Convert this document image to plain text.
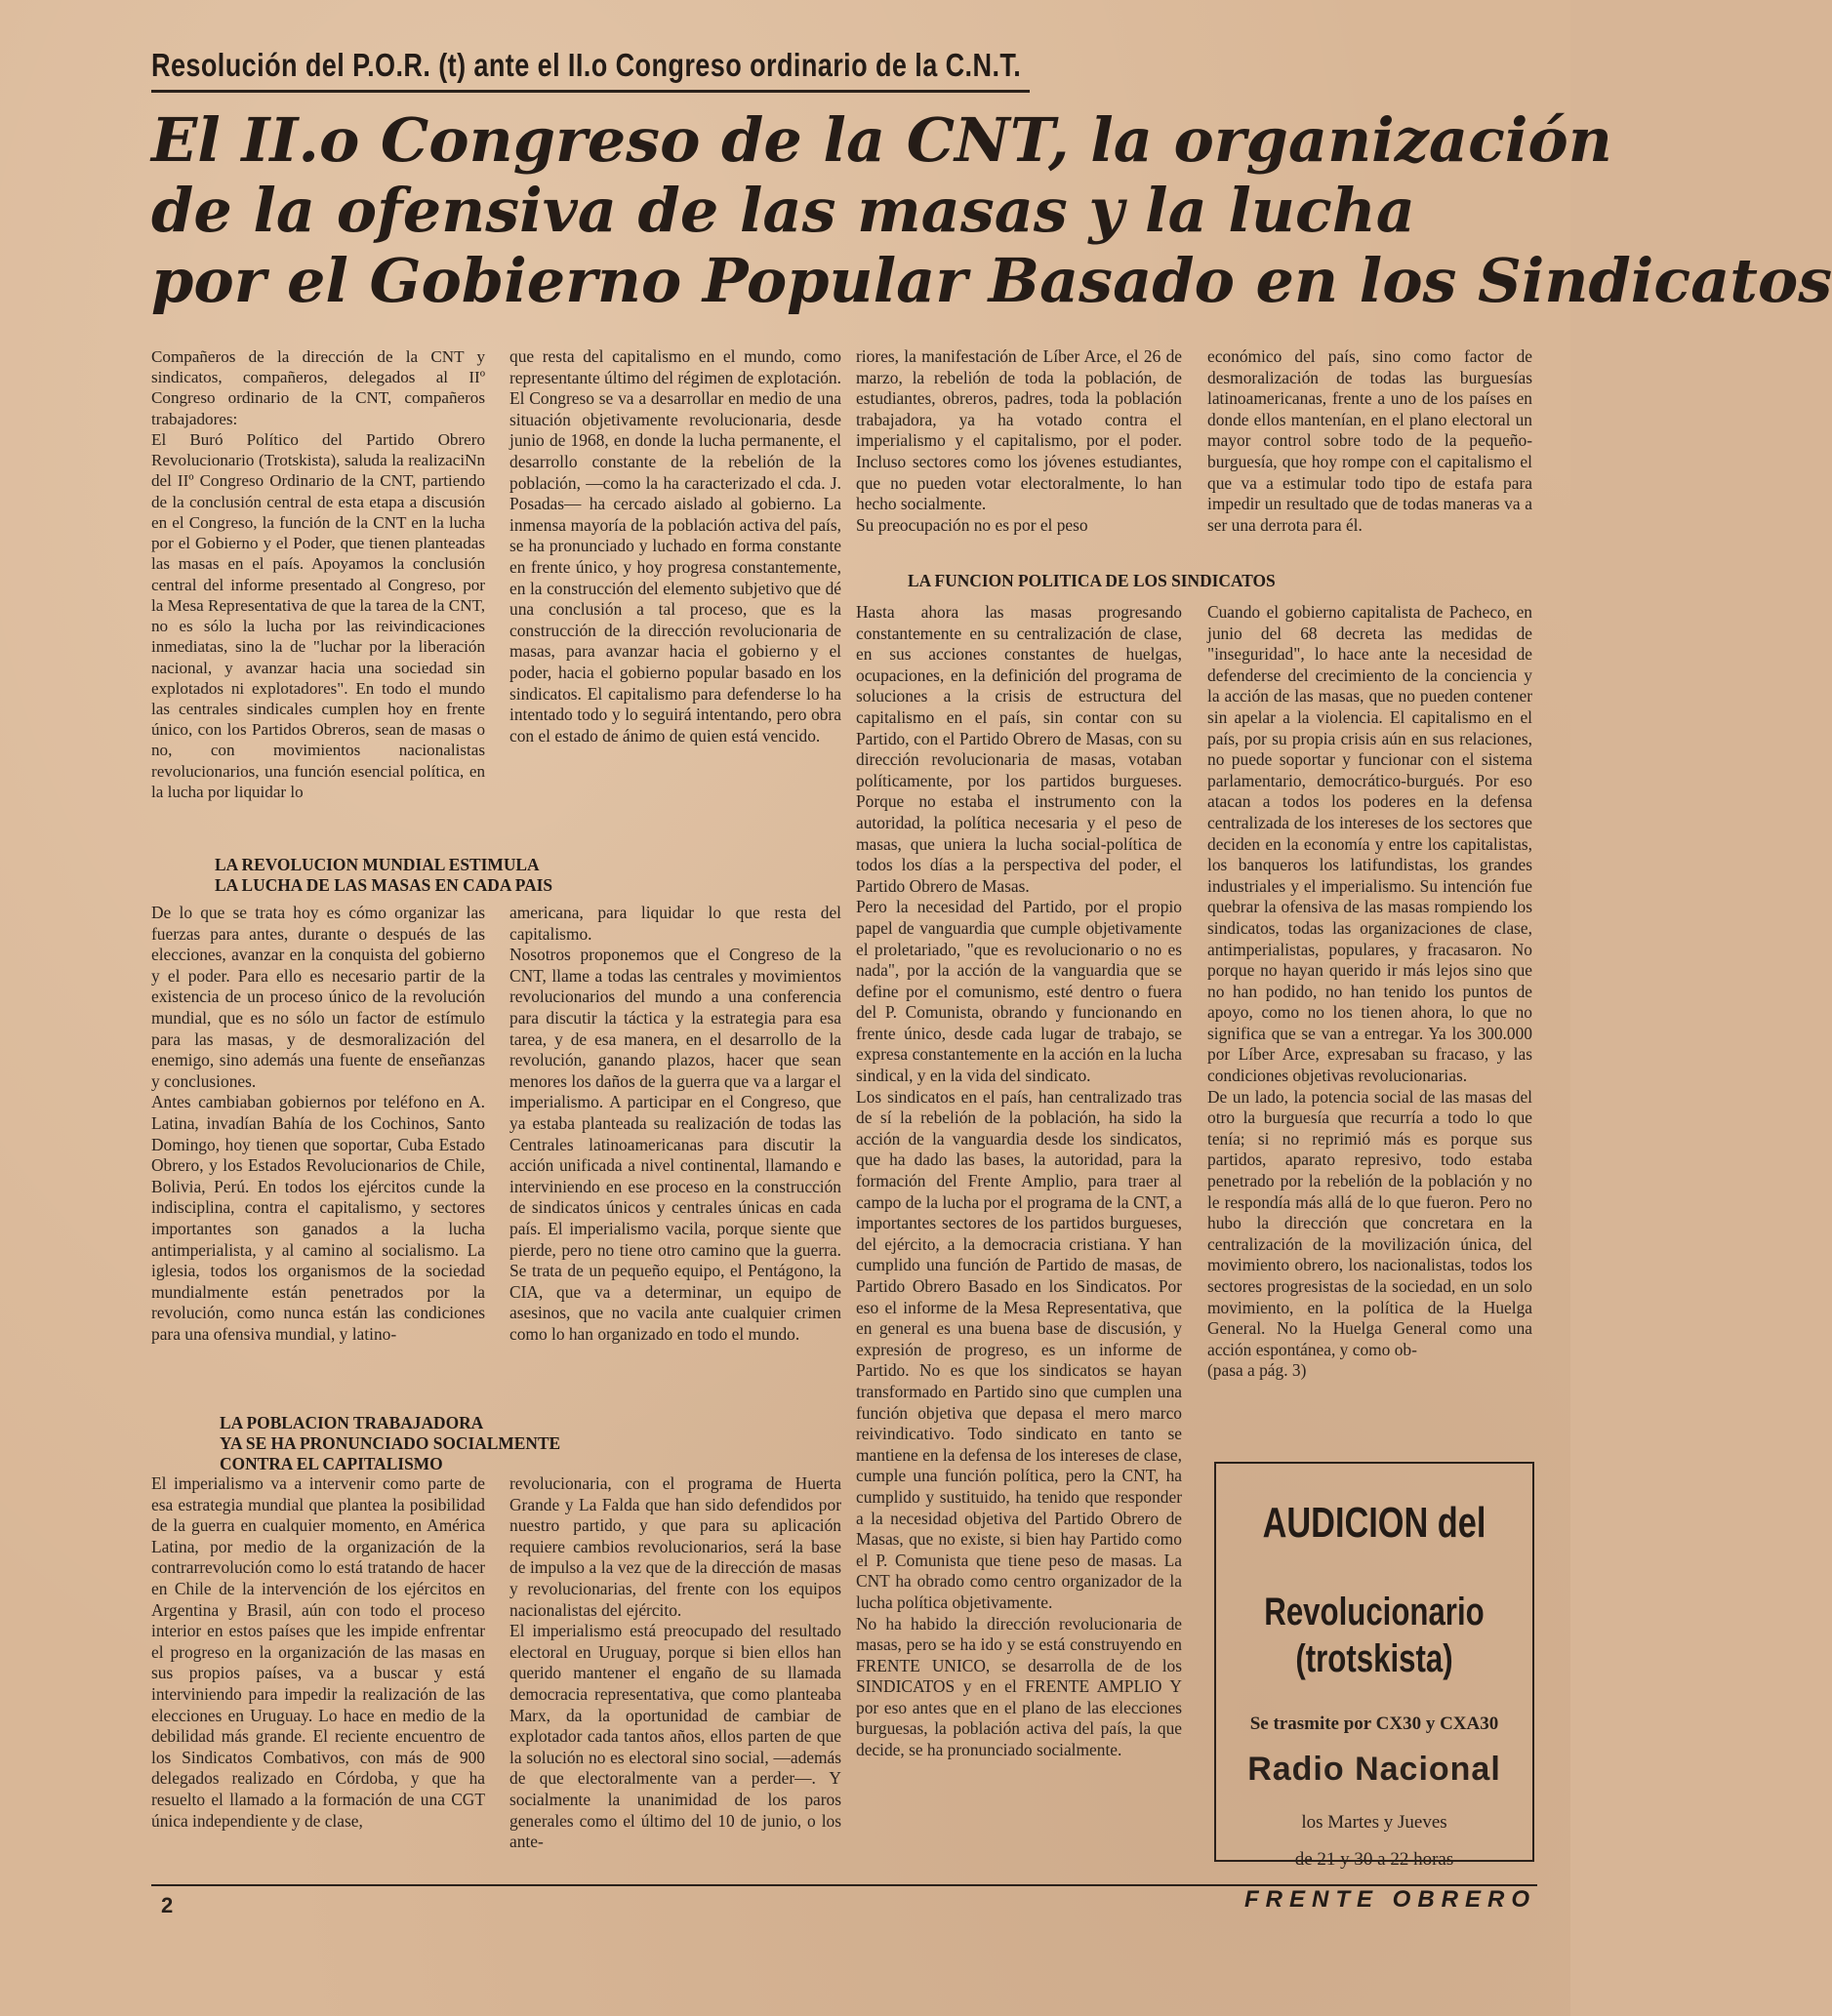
Resolución del P.O.R. (t) ante el II.o Congreso ordinario de la C.N.T.
El II.o Congreso de la CNT, la organización
de la ofensiva de las masas y la lucha
por el Gobierno Popular Basado en los Sindicatos

Compañeros de la dirección de la CNT y sindicatos, compañeros, delegados al IIº Congreso ordinario de la CNT, compañeros trabajadores:
El Buró Político del Partido Obrero Revolucionario (Trotskista), saluda la realizaciNn del IIº Congreso Ordinario de la CNT, partiendo de la conclusión central de esta etapa a discusión en el Congreso, la función de la CNT en la lucha por el Gobierno y el Poder, que tienen planteadas las masas en el país. Apoyamos la conclusión central del informe presentado al Congreso, por la Mesa Representativa de que la tarea de la CNT, no es sólo la lucha por las reivindicaciones inmediatas, sino la de "luchar por la liberación nacional, y avanzar hacia una sociedad sin explotados ni explotadores". En todo el mundo las centrales sindicales cumplen hoy en frente único, con los Partidos Obreros, sean de masas o no, con movimientos nacionalistas revolucionarios, una función esencial política, en la lucha por liquidar lo

que resta del capitalismo en el mundo, como representante último del régimen de explotación.
El Congreso se va a desarrollar en medio de una situación objetivamente revolucionaria, desde junio de 1968, en donde la lucha permanente, el desarrollo constante de la rebelión de la población, —como la ha caracterizado el cda. J. Posadas— ha cercado aislado al gobierno. La inmensa mayoría de la población activa del país, se ha pronunciado y luchado en forma constante en frente único, y hoy progresa constantemente, en la construcción del elemento subjetivo que dé una conclusión a tal proceso, que es la construcción de la dirección revolucionaria de masas, para avanzar hacia el gobierno y el poder, hacia el gobierno popular basado en los sindicatos. El capitalismo para defenderse lo ha intentado todo y lo seguirá intentando, pero obra con el estado de ánimo de quien está vencido.

riores, la manifestación de Líber Arce, el 26 de marzo, la rebelión de toda la población, de estudiantes, obreros, padres, toda la población trabajadora, ya ha votado contra el imperialismo y el capitalismo, por el poder. Incluso sectores como los jóvenes estudiantes, que no pueden votar electoralmente, lo han hecho socialmente.
Su preocupación no es por el peso

económico del país, sino como factor de desmoralización de todas las burguesías latinoamericanas, frente a uno de los países en donde ellos mantenían, en el plano electoral un mayor control sobre todo de la pequeño-burguesía, que hoy rompe con el capitalismo el que va a estimular todo tipo de estafa para impedir un resultado que de todas maneras va a ser una derrota para él.

LA REVOLUCION MUNDIAL ESTIMULA
LA LUCHA DE LAS MASAS EN CADA PAIS

De lo que se trata hoy es cómo organizar las fuerzas para antes, durante o después de las elecciones, avanzar en la conquista del gobierno y el poder. Para ello es necesario partir de la existencia de un proceso único de la revolución mundial, que es no sólo un factor de estímulo para las masas, y de desmoralización del enemigo, sino además una fuente de enseñanzas y conclusiones.
Antes cambiaban gobiernos por teléfono en A. Latina, invadían Bahía de los Cochinos, Santo Domingo, hoy tienen que soportar, Cuba Estado Obrero, y los Estados Revolucionarios de Chile, Bolivia, Perú. En todos los ejércitos cunde la indisciplina, contra el capitalismo, y sectores importantes son ganados a la lucha antimperialista, y al camino al socialismo. La iglesia, todos los organismos de la sociedad mundialmente están penetrados por la revolución, como nunca están las condiciones para una ofensiva mundial, y latino-

americana, para liquidar lo que resta del capitalismo.
Nosotros proponemos que el Congreso de la CNT, llame a todas las centrales y movimientos revolucionarios del mundo a una conferencia para discutir la táctica y la estrategia para esa tarea, y de esa manera, en el desarrollo de la revolución, ganando plazos, hacer que sean menores los daños de la guerra que va a largar el imperialismo. A participar en el Congreso, que ya estaba planteada su realización de todas las Centrales latinoamericanas para discutir la acción unificada a nivel continental, llamando e interviniendo en ese proceso en la construcción de sindicatos únicos y centrales únicas en cada país. El imperialismo vacila, porque siente que pierde, pero no tiene otro camino que la guerra. Se trata de un pequeño equipo, el Pentágono, la CIA, que va a determinar, un equipo de asesinos, que no vacila ante cualquier crimen como lo han organizado en todo el mundo.

LA FUNCION POLITICA DE LOS SINDICATOS

Hasta ahora las masas progresando constantemente en su centralización de clase, en sus acciones constantes de huelgas, ocupaciones, en la definición del programa de soluciones a la crisis de estructura del capitalismo en el país, sin contar con su Partido, con el Partido Obrero de Masas, con su dirección revolucionaria de masas, votaban políticamente, por los partidos burgueses. Porque no estaba el instrumento con la autoridad, la política necesaria y el peso de masas, que uniera la lucha social-política de todos los días a la perspectiva del poder, el Partido Obrero de Masas.
Pero la necesidad del Partido, por el propio papel de vanguardia que cumple objetivamente el proletariado, "que es revolucionario o no es nada", por la acción de la vanguardia que se define por el comunismo, esté dentro o fuera del P. Comunista, obrando y funcionando en frente único, desde cada lugar de trabajo, se expresa constantemente en la acción en la lucha sindical, y en la vida del sindicato.
Los sindicatos en el país, han centralizado tras de sí la rebelión de la población, ha sido la acción de la vanguardia desde los sindicatos, que ha dado las bases, la autoridad, para la formación del Frente Amplio, para traer al campo de la lucha por el programa de la CNT, a importantes sectores de los partidos burgueses, del ejército, a la democracia cristiana. Y han cumplido una función de Partido de masas, de Partido Obrero Basado en los Sindicatos. Por eso el informe de la Mesa Representativa, que en general es una buena base de discusión, y expresión de progreso, es un informe de Partido. No es que los sindicatos se hayan transformado en Partido sino que cumplen una función objetiva que depasa el mero marco reivindicativo. Todo sindicato en tanto se mantiene en la defensa de los intereses de clase, cumple una función política, pero la CNT, ha cumplido y sustituido, ha tenido que responder a la necesidad objetiva del Partido Obrero de Masas, que no existe, si bien hay Partido como el P. Comunista que tiene peso de masas. La CNT ha obrado como centro organizador de la lucha política objetivamente.
No ha habido la dirección revolucionaria de masas, pero se ha ido y se está construyendo en FRENTE UNICO, se desarrolla de de los SINDICATOS y en el FRENTE AMPLIO Y por eso antes que en el plano de las elecciones burguesas, la población activa del país, la que decide, se ha pronunciado socialmente.

Cuando el gobierno capitalista de Pacheco, en junio del 68 decreta las medidas de "inseguridad", lo hace ante la necesidad de defenderse del crecimiento de la conciencia y la acción de las masas, que no pueden contener sin apelar a la violencia. El capitalismo en el país, por su propia crisis aún en sus relaciones, no puede soportar y funcionar con el sistema parlamentario, democrático-burgués. Por eso atacan a todos los poderes en la defensa centralizada de los intereses de los sectores que deciden en la economía y entre los capitalistas, los banqueros los latifundistas, los grandes industriales y el imperialismo. Su intención fue quebrar la ofensiva de las masas rompiendo los sindicatos, todas las organizaciones de clase, antimperialistas, populares, y fracasaron. No porque no hayan querido ir más lejos sino que no han podido, no han tenido los puntos de apoyo, como no los tienen ahora, lo que no significa que se van a entregar. Ya los 300.000 por Líber Arce, expresaban su fracaso, y las condiciones objetivas revolucionarias.
De un lado, la potencia social de las masas del otro la burguesía que recurría a todo lo que tenía; si no reprimió más es porque sus partidos, aparato represivo, todo estaba penetrado por la rebelión de la población y no le respondía más allá de lo que fueron. Pero no hubo la dirección que concretara en la centralización de la movilización única, del movimiento obrero, los nacionalistas, todos los sectores progresistas de la sociedad, en un solo movimiento, en la política de la Huelga General. No la Huelga General como una acción espontánea, y como ob-
(pasa a pág. 3)

LA POBLACION TRABAJADORA
YA SE HA PRONUNCIADO SOCIALMENTE
CONTRA EL CAPITALISMO

El imperialismo va a intervenir como parte de esa estrategia mundial que plantea la posibilidad de la guerra en cualquier momento, en América Latina, por medio de la organización de la contrarrevolución como lo está tratando de hacer en Chile de la intervención de los ejércitos en Argentina y Brasil, aún con todo el proceso interior en estos países que les impide enfrentar el progreso en la organización de las masas en sus propios países, va a buscar y está interviniendo para impedir la realización de las elecciones en Uruguay. Lo hace en medio de la debilidad más grande. El reciente encuentro de los Sindicatos Combativos, con más de 900 delegados realizado en Córdoba, y que ha resuelto el llamado a la formación de una CGT única independiente y de clase,

revolucionaria, con el programa de Huerta Grande y La Falda que han sido defendidos por nuestro partido, y que para su aplicación requiere cambios revolucionarios, será la base de impulso a la vez que de la dirección de masas y revolucionarias, del frente con los equipos nacionalistas del ejército.
El imperialismo está preocupado del resultado electoral en Uruguay, porque si bien ellos han querido mantener el engaño de su llamada democracia representativa, que como planteaba Marx, da la oportunidad de cambiar de explotador cada tantos años, ellos parten de que la solución no es electoral sino social, —además de que electoralmente van a perder—. Y socialmente la unanimidad de los paros generales como el último del 10 de junio, o los ante-

AUDICION del
Revolucionario
(trotskista)
Se trasmite por CX30 y CXA30
Radio Nacional
los Martes y Jueves
de 21 y 30 a 22 horas
2	FRENTE OBRERO
